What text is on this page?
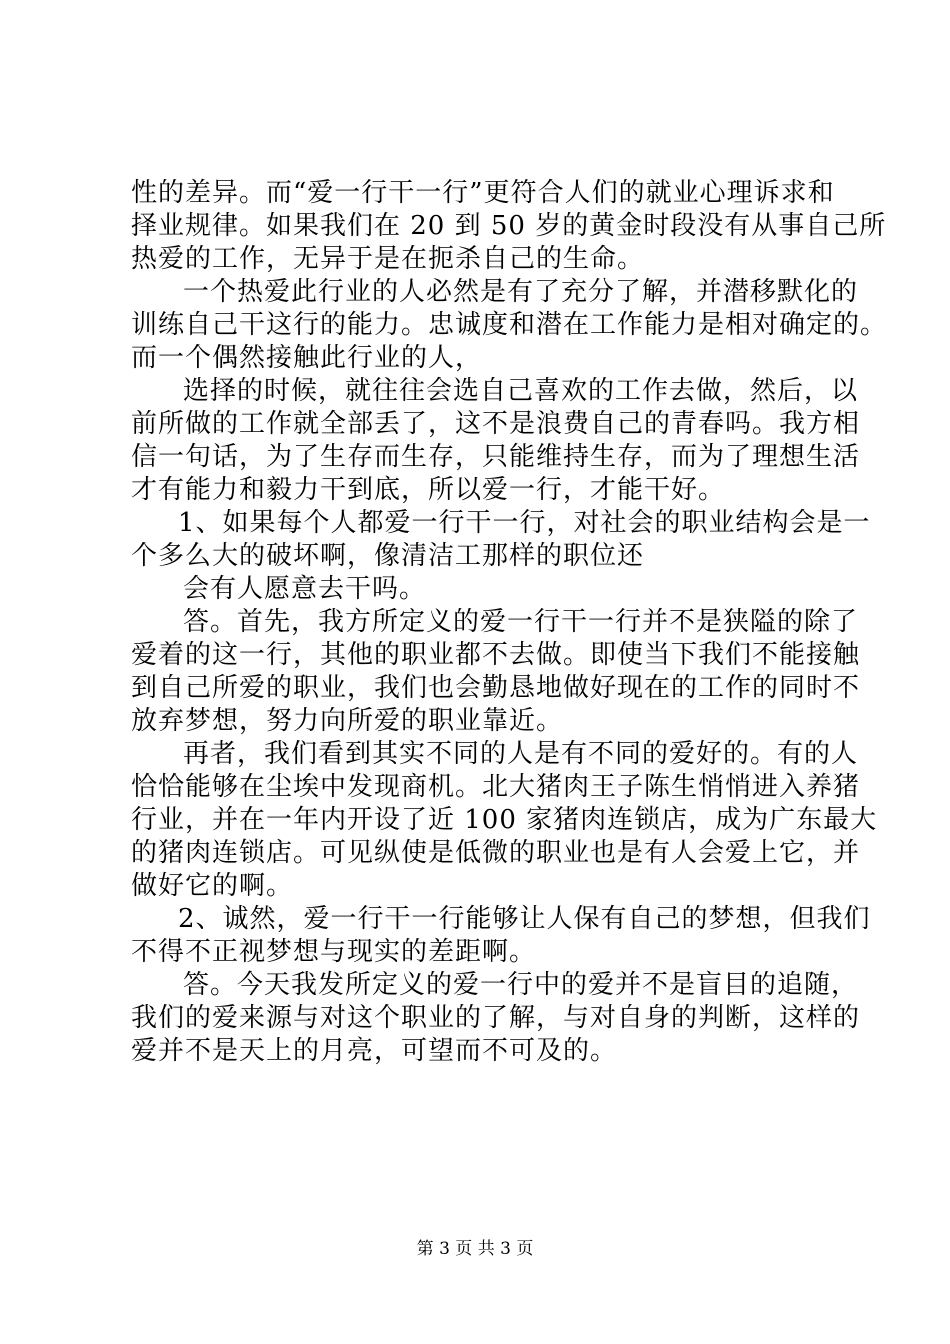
性的差异。而“爱一行干一行”更符合人们的就业心理诉求和
择业规律。如果我们在 20 到 50 岁的黄金时段没有从事自己所
热爱的工作，无异于是在扼杀自己的生命。
一个热爱此行业的人必然是有了充分了解，并潜移默化的
训练自己干这行的能力。忠诚度和潜在工作能力是相对确定的。
而一个偶然接触此行业的人，
选择的时候，就往往会选自己喜欢的工作去做，然后，以
前所做的工作就全部丢了，这不是浪费自己的青春吗。我方相
信一句话，为了生存而生存，只能维持生存，而为了理想生活
才有能力和毅力干到底，所以爱一行，才能干好。
1、如果每个人都爱一行干一行，对社会的职业结构会是一
个多么大的破坏啊，像清洁工那样的职位还
会有人愿意去干吗。
答。首先，我方所定义的爱一行干一行并不是狭隘的除了
爱着的这一行，其他的职业都不去做。即使当下我们不能接触
到自己所爱的职业，我们也会勤恳地做好现在的工作的同时不
放弃梦想，努力向所爱的职业靠近。
再者，我们看到其实不同的人是有不同的爱好的。有的人
恰恰能够在尘埃中发现商机。北大猪肉王子陈生悄悄进入养猪
行业，并在一年内开设了近 100 家猪肉连锁店，成为广东最大
的猪肉连锁店。可见纵使是低微的职业也是有人会爱上它，并
做好它的啊。
2、诚然，爱一行干一行能够让人保有自己的梦想，但我们
不得不正视梦想与现实的差距啊。
答。今天我发所定义的爱一行中的爱并不是盲目的追随，
我们的爱来源与对这个职业的了解，与对自身的判断，这样的
爱并不是天上的月亮，可望而不可及的。
第 3 页 共 3 页
